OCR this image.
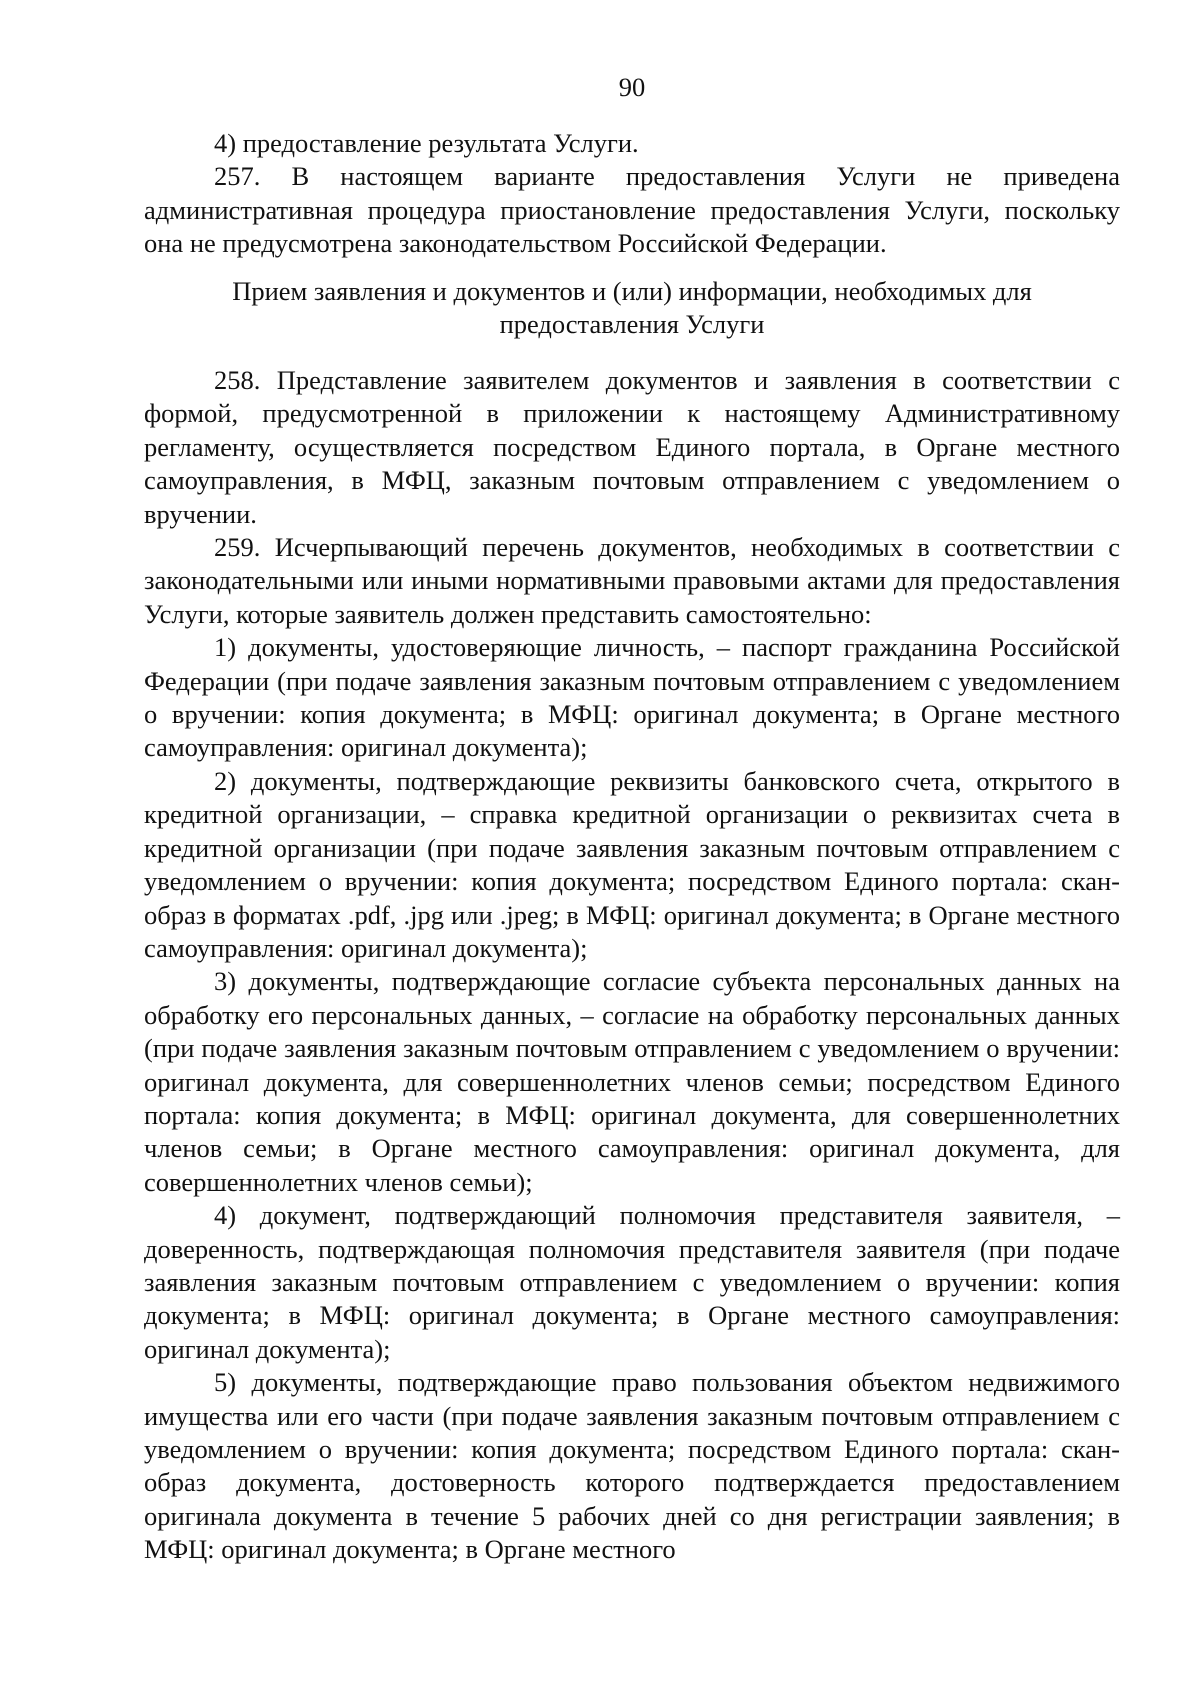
90

4) предоставление результата Услуги.

257. В настоящем варианте предоставления Услуги не приведена административная процедура приостановление предоставления Услуги, поскольку она не предусмотрена законодательством Российской Федерации.

Прием заявления и документов и (или) информации, необходимых для
предоставления Услуги

258. Представление заявителем документов и заявления в соответствии с формой, предусмотренной в приложении к настоящему Административному регламенту, осуществляется посредством Единого портала, в Органе местного самоуправления, в МФЦ, заказным почтовым отправлением с уведомлением о вручении.

259. Исчерпывающий перечень документов, необходимых в соответствии с законодательными или иными нормативными правовыми актами для предоставления Услуги, которые заявитель должен представить самостоятельно:

1) документы, удостоверяющие личность, – паспорт гражданина Российской Федерации (при подаче заявления заказным почтовым отправлением с уведомлением о вручении: копия документа; в МФЦ: оригинал документа; в Органе местного самоуправления: оригинал документа);

2) документы, подтверждающие реквизиты банковского счета, открытого в кредитной организации, – справка кредитной организации о реквизитах счета в кредитной организации (при подаче заявления заказным почтовым отправлением с уведомлением о вручении: копия документа; посредством Единого портала: скан-образ в форматах .pdf, .jpg или .jpeg; в МФЦ: оригинал документа; в Органе местного самоуправления: оригинал документа);

3) документы, подтверждающие согласие субъекта персональных данных на обработку его персональных данных, – согласие на обработку персональных данных (при подаче заявления заказным почтовым отправлением с уведомлением о вручении: оригинал документа, для совершеннолетних членов семьи; посредством Единого портала: копия документа; в МФЦ: оригинал документа, для совершеннолетних членов семьи; в Органе местного самоуправления: оригинал документа, для совершеннолетних членов семьи);

4) документ, подтверждающий полномочия представителя заявителя, – доверенность, подтверждающая полномочия представителя заявителя (при подаче заявления заказным почтовым отправлением с уведомлением о вручении: копия документа; в МФЦ: оригинал документа; в Органе местного самоуправления: оригинал документа);

5) документы, подтверждающие право пользования объектом недвижимого имущества или его части (при подаче заявления заказным почтовым отправлением с уведомлением о вручении: копия документа; посредством Единого портала: скан-образ документа, достоверность которого подтверждается предоставлением оригинала документа в течение 5 рабочих дней со дня регистрации заявления; в МФЦ: оригинал документа; в Органе местного
